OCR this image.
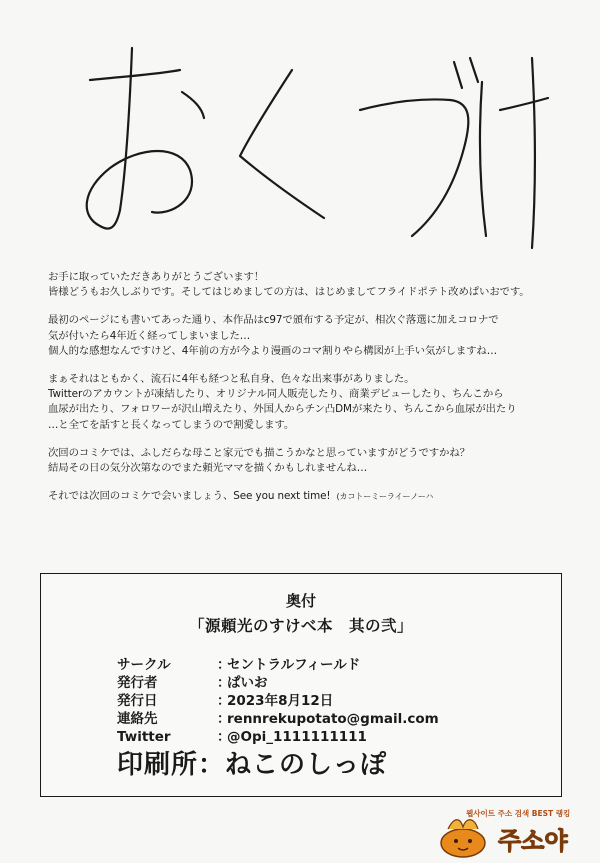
お手に取っていただきありがとうございます！
皆様どうもお久しぶりです。そしてはじめましての方は、はじめましてフライドポテト改めぱいおです。
最初のページにも書いてあった通り、本作品はc97で頒布する予定が、相次ぐ落選に加えコロナで
気が付いたら4年近く経ってしまいました…
個人的な感想なんですけど、4年前の方が今より漫画のコマ割りやら構図が上手い気がしますね…
まぁそれはともかく、流石に4年も経つと私自身、色々な出来事がありました。
Twitterのアカウントが凍結したり、オリジナル同人販売したり、商業デビューしたり、ちんこから
血尿が出たり、フォロワーが沢山増えたり、外国人からチン凸DMが来たり、ちんこから血尿が出たり
…と全てを話すと長くなってしまうので割愛します。
次回のコミケでは、ふしだらな母こと家元でも描こうかなと思っていますがどうですかね？
結局その日の気分次第なのでまた頼光ママを描くかもしれませんね…
それでは次回のコミケで会いましょう、See you next time! (カコトーミーライーノーハ
奥付
「源頼光のすけべ本　其の弐」
サークル	：セントラルフィールド
発行者	：ぱいお
発行日	：2023年8月12日
連絡先	：rennrekupotato@gmail.com
Twitter	：@Opi_1111111111
印刷所：ねこのしっぽ
웹사이트 주소 검색 BEST 랭킹
주소야
